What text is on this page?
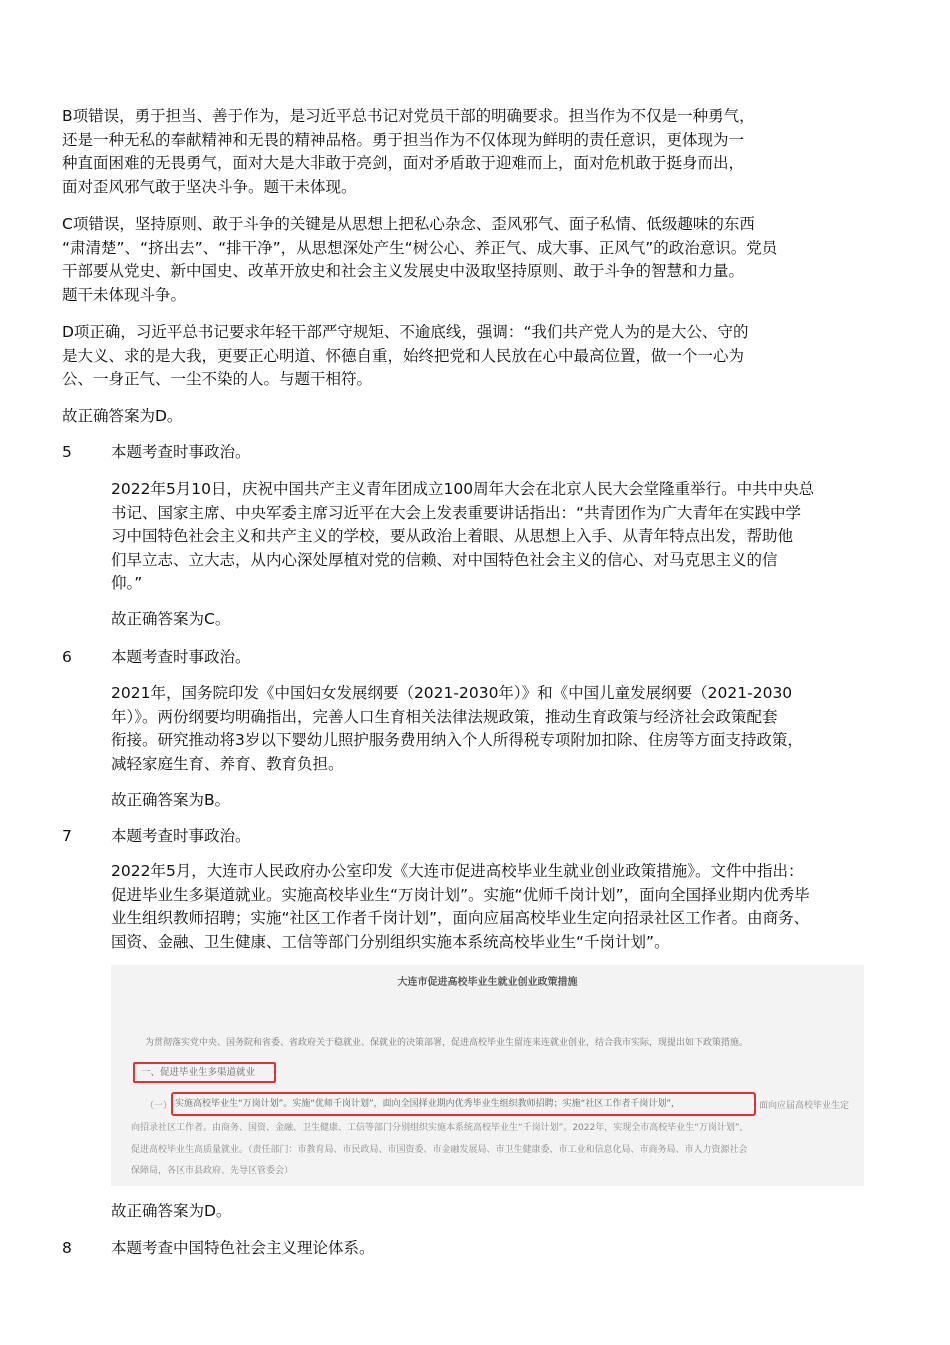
B项错误，勇于担当、善于作为，是习近平总书记对党员干部的明确要求。担当作为不仅是一种勇气，
还是一种无私的奉献精神和无畏的精神品格。勇于担当作为不仅体现为鲜明的责任意识，更体现为一
种直面困难的无畏勇气，面对大是大非敢于亮剑，面对矛盾敢于迎难而上，面对危机敢于挺身而出，
面对歪风邪气敢于坚决斗争。题干未体现。

C项错误，坚持原则、敢于斗争的关键是从思想上把私心杂念、歪风邪气、面子私情、低级趣味的东西
“肃清楚”、“挤出去”、“排干净”，从思想深处产生“树公心、养正气、成大事、正风气”的政治意识。党员
干部要从党史、新中国史、改革开放史和社会主义发展史中汲取坚持原则、敢于斗争的智慧和力量。
题干未体现斗争。

D项正确，习近平总书记要求年轻干部严守规矩、不逾底线，强调：“我们共产党人为的是大公、守的
是大义、求的是大我，更要正心明道、怀德自重，始终把党和人民放在心中最高位置，做一个一心为
公、一身正气、一尘不染的人。与题干相符。

故正确答案为D。

5	本题考查时事政治。

2022年5月10日，庆祝中国共产主义青年团成立100周年大会在北京人民大会堂隆重举行。中共中央总
书记、国家主席、中央军委主席习近平在大会上发表重要讲话指出：“共青团作为广大青年在实践中学
习中国特色社会主义和共产主义的学校，要从政治上着眼、从思想上入手、从青年特点出发，帮助他
们早立志、立大志，从内心深处厚植对党的信赖、对中国特色社会主义的信心、对马克思主义的信
仰。”

故正确答案为C。

6	本题考查时事政治。

2021年，国务院印发《中国妇女发展纲要（2021-2030年）》和《中国儿童发展纲要（2021-2030
年）》。两份纲要均明确指出，完善人口生育相关法律法规政策，推动生育政策与经济社会政策配套
衔接。研究推动将3岁以下婴幼儿照护服务费用纳入个人所得税专项附加扣除、住房等方面支持政策，
减轻家庭生育、养育、教育负担。

故正确答案为B。

7	本题考查时事政治。

2022年5月，大连市人民政府办公室印发《大连市促进高校毕业生就业创业政策措施》。文件中指出：
促进毕业生多渠道就业。实施高校毕业生“万岗计划”。实施“优师千岗计划”，面向全国择业期内优秀毕
业生组织教师招聘；实施“社区工作者千岗计划”，面向应届高校毕业生定向招录社区工作者。由商务、
国资、金融、卫生健康、工信等部门分别组织实施本系统高校毕业生“千岗计划”。

大连市促进高校毕业生就业创业政策措施
为贯彻落实党中央、国务院和省委、省政府关于稳就业、保就业的决策部署，促进高校毕业生留连来连就业创业，结合我市实际，现提出如下政策措施。
一、促进毕业生多渠道就业
（一） 实施高校毕业生“万岗计划”。实施“优师千岗计划”，面向全国择业期内优秀毕业生组织教师招聘；实施“社区工作者千岗计划”，	面向应届高校毕业生定
向招录社区工作者。由商务、国资、金融、卫生健康、工信等部门分别组织实施本系统高校毕业生“千岗计划”。2022年，实现全市高校毕业生“万岗计划”，
促进高校毕业生高质量就业。（责任部门：市教育局、市民政局、市国资委、市金融发展局、市卫生健康委、市工业和信息化局、市商务局、市人力资源社会
保障局，各区市县政府、先导区管委会）

故正确答案为D。

8	本题考查中国特色社会主义理论体系。
